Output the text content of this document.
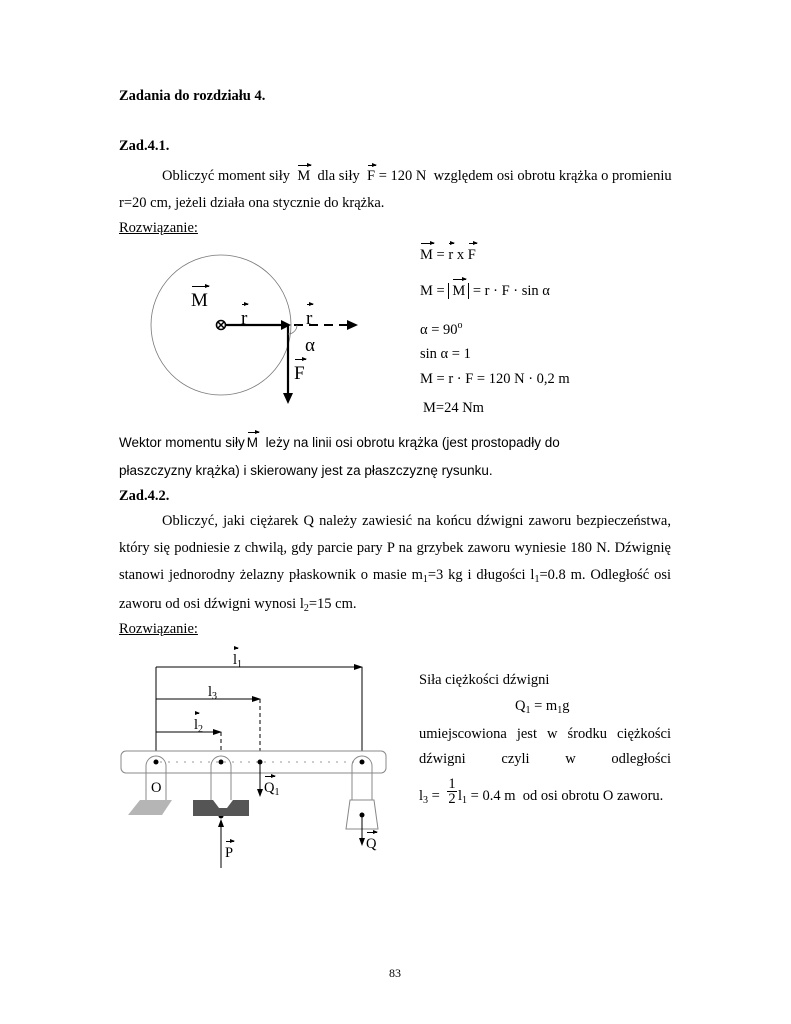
Zadania do rozdziału 4.
Zad.4.1.
Obliczyć moment siły M dla siły F = 120 N względem osi obrotu krążka o promieniu
r=20 cm, jeżeli działa ona stycznie do krążka.
Rozwiązanie:
M
r	r
α
F
M = r x F
M = M = r · F · sin α
$\alpha = 90^o$
sin α = 1
M = r · F = 120 N · 0,2 m
M=24 Nm
Wektor momentu siły M leży na linii osi obrotu krążka (jest prostopadły do
płaszczyzny krążka) i skierowany jest za płaszczyznę rysunku.
Zad.4.2.
Obliczyć, jaki ciężarek Q należy zawiesić na końcu dźwigni zaworu bezpieczeństwa,
który się podniesie z chwilą, gdy parcie pary P na grzybek zaworu wyniesie 180 N. Dźwignię
stanowi jednorodny żelazny płaskownik o masie $m_1=3$ kg i długości $l_1=0.8$ m. Odległość osi
zaworu od osi dźwigni wynosi $l_2=15$ cm.
Rozwiązanie:
$l_1$
$l_3$
$l_2$
O	$Q_1$
P
Q
Siła ciężkości dźwigni
$Q_1 = m_1g$
umiejscowiona jest w środku ciężkości
dźwigni czyli w odległości
$l_3$ =
1
2 $l_1 = 0.4$ m od osi obrotu O zaworu.
83
